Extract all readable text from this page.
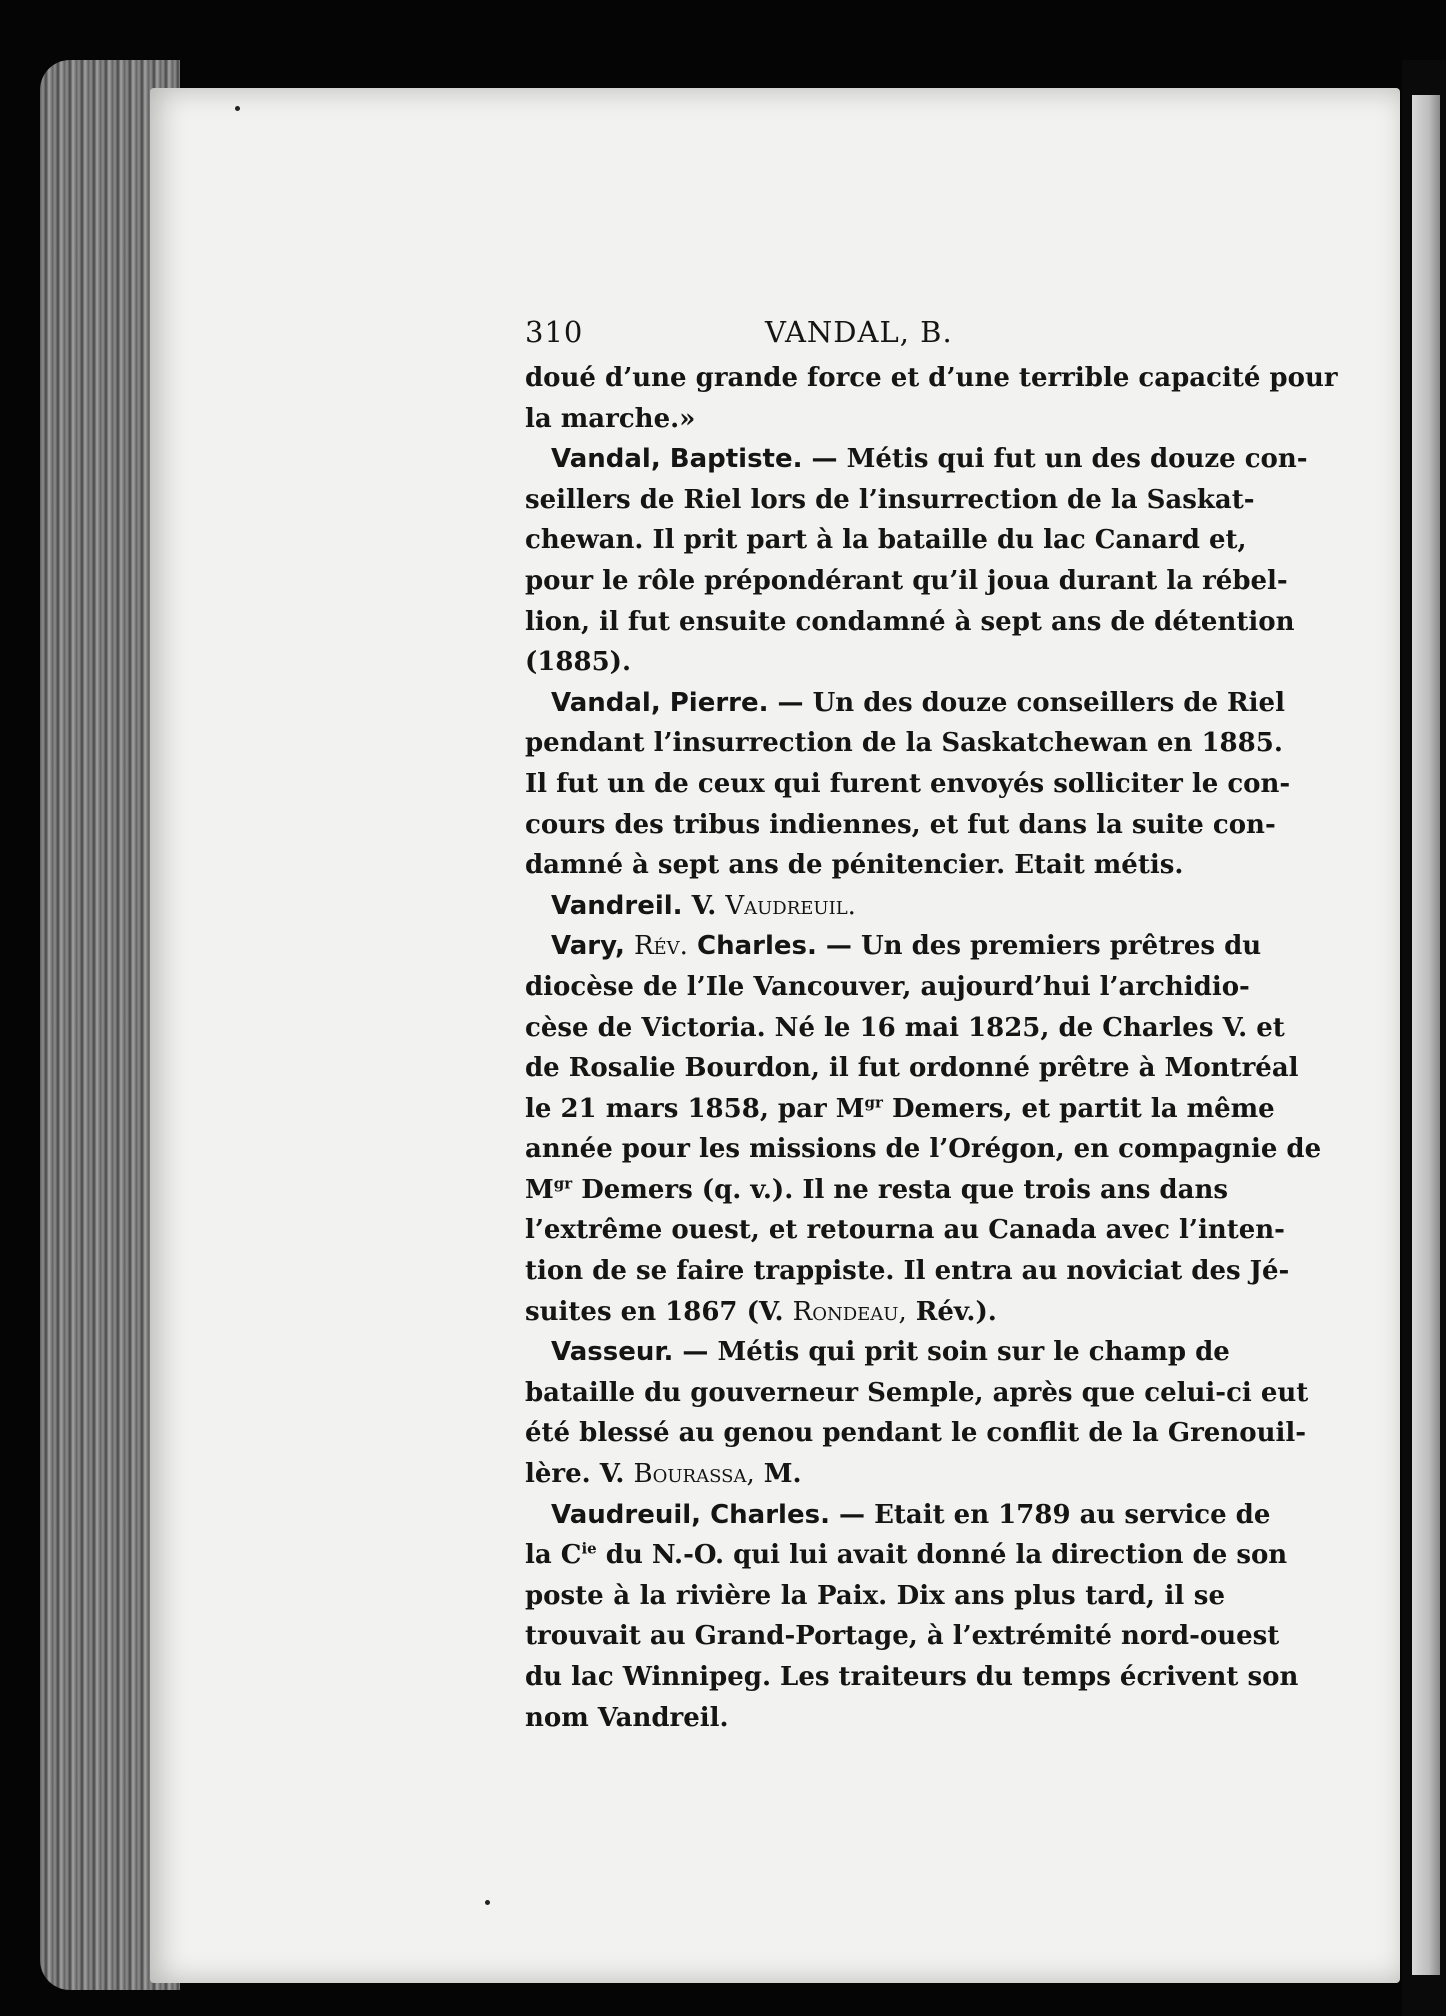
310	VANDAL, B.
doué d’une grande force et d’une terrible capacité pour
la marche.»
Vandal, Baptiste. — Métis qui fut un des douze con-
seillers de Riel lors de l’insurrection de la Saskat-
chewan. Il prit part à la bataille du lac Canard et,
pour le rôle prépondérant qu’il joua durant la rébel-
lion, il fut ensuite condamné à sept ans de détention
(1885).
Vandal, Pierre. — Un des douze conseillers de Riel
pendant l’insurrection de la Saskatchewan en 1885.
Il fut un de ceux qui furent envoyés solliciter le con-
cours des tribus indiennes, et fut dans la suite con-
damné à sept ans de pénitencier. Etait métis.
Vandreil. V. Vaudreuil.
Vary, Rév. Charles. — Un des premiers prêtres du
diocèse de l’Ile Vancouver, aujourd’hui l’archidio-
cèse de Victoria. Né le 16 mai 1825, de Charles V. et
de Rosalie Bourdon, il fut ordonné prêtre à Montréal
le 21 mars 1858, par $M^{gr}$ Demers, et partit la même
année pour les missions de l’Orégon, en compagnie de
$M^{gr}$ Demers (q. v.). Il ne resta que trois ans dans
l’extrême ouest, et retourna au Canada avec l’inten-
tion de se faire trappiste. Il entra au noviciat des Jé-
suites en 1867 (V. Rondeau, Rév.).
Vasseur. — Métis qui prit soin sur le champ de
bataille du gouverneur Semple, après que celui-ci eut
été blessé au genou pendant le conflit de la Grenouil-
lère. V. Bourassa, M.
Vaudreuil, Charles. — Etait en 1789 au service de
la $C^{ie}$ du N.-O. qui lui avait donné la direction de son
poste à la rivière la Paix. Dix ans plus tard, il se
trouvait au Grand-Portage, à l’extrémité nord-ouest
du lac Winnipeg. Les traiteurs du temps écrivent son
nom Vandreil.
